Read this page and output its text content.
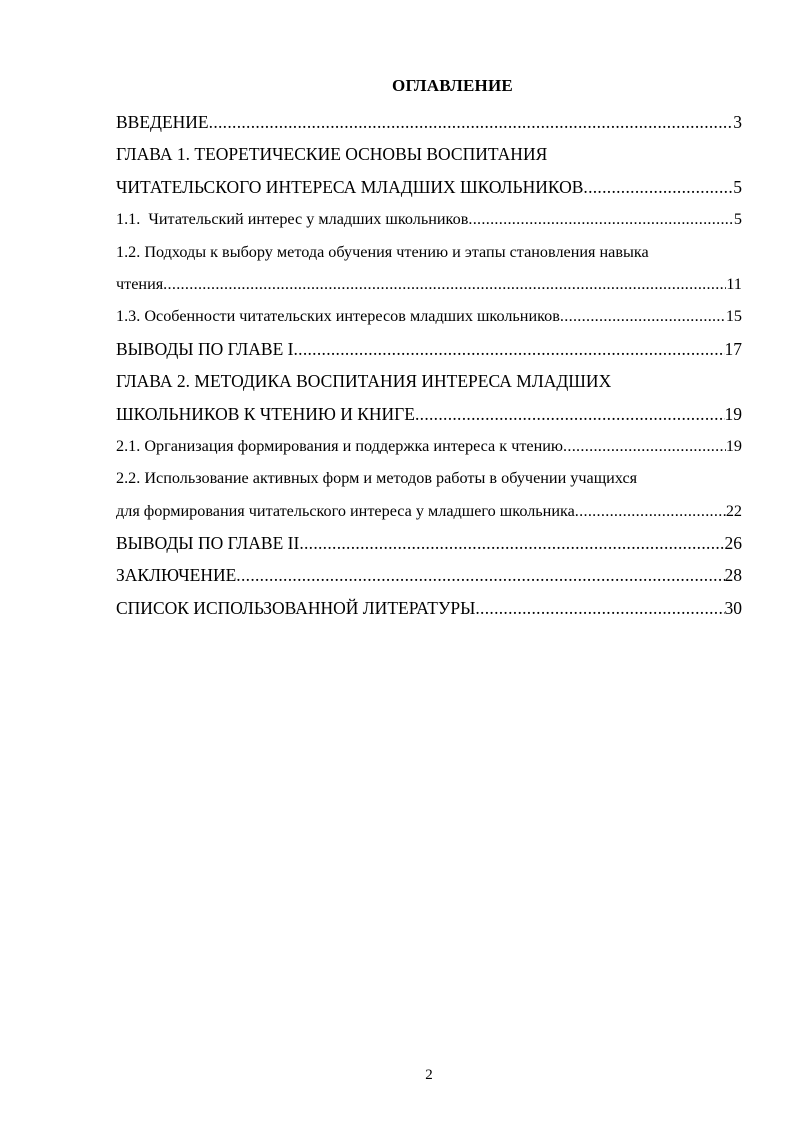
ОГЛАВЛЕНИЕ
ВВЕДЕНИЕ .....	3
ГЛАВА 1. ТЕОРЕТИЧЕСКИЕ ОСНОВЫ ВОСПИТАНИЯ
ЧИТАТЕЛЬСКОГО ИНТЕРЕСА МЛАДШИХ ШКОЛЬНИКОВ .....	5
1.1.  Читательский интерес у младших школьников .....	5
1.2. Подходы к выбору метода обучения чтению и этапы становления навыка
чтения .....	11
1.3. Особенности читательских интересов младших школьников .....	15
ВЫВОДЫ ПО ГЛАВЕ I .....	17
ГЛАВА 2. МЕТОДИКА ВОСПИТАНИЯ ИНТЕРЕСА МЛАДШИХ
ШКОЛЬНИКОВ К ЧТЕНИЮ И КНИГЕ .....	19
2.1. Организация формирования и поддержка интереса к чтению .....	19
2.2. Использование активных форм и методов работы в обучении учащихся
для формирования читательского интереса у младшего школьника .....	22
ВЫВОДЫ ПО ГЛАВЕ II .....	26
ЗАКЛЮЧЕНИЕ .....	28
СПИСОК ИСПОЛЬЗОВАННОЙ ЛИТЕРАТУРЫ .....	30
2
